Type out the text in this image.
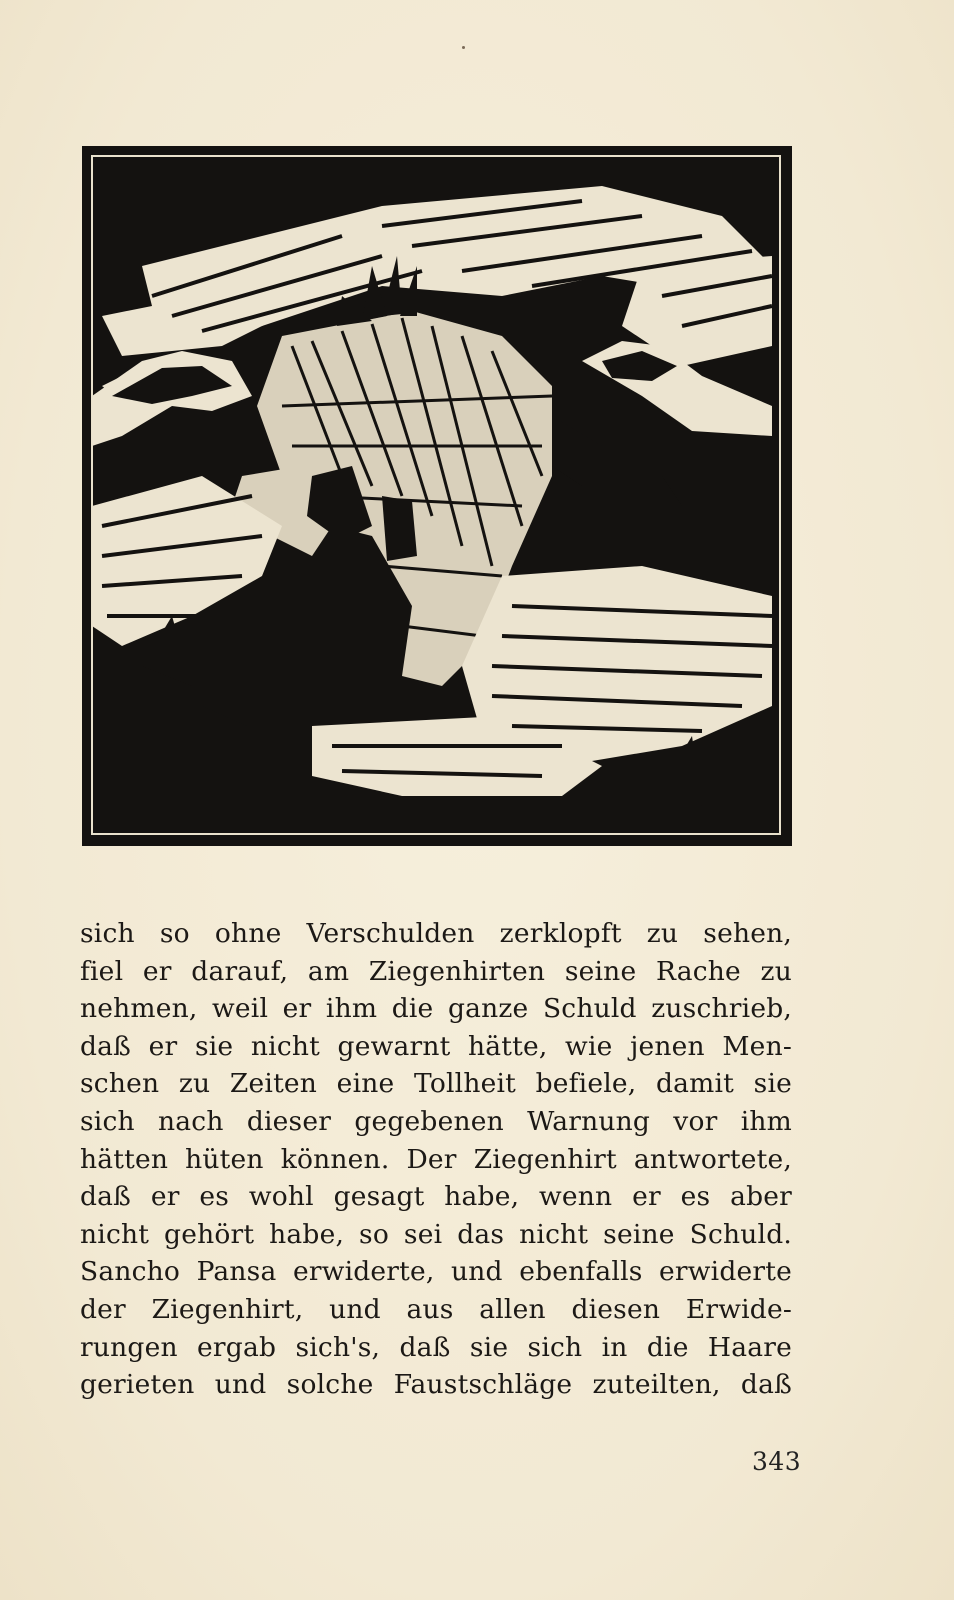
sich so ohne Verschulden zerklopft zu sehen,
fiel er darauf, am Ziegenhirten seine Rache zu
nehmen, weil er ihm die ganze Schuld zuschrieb,
daß er sie nicht gewarnt hätte, wie jenen Men-
schen zu Zeiten eine Tollheit befiele, damit sie
sich nach dieser gegebenen Warnung vor ihm
hätten hüten können. Der Ziegenhirt antwortete,
daß er es wohl gesagt habe, wenn er es aber
nicht gehört habe, so sei das nicht seine Schuld.
Sancho Pansa erwiderte, und ebenfalls erwiderte
der Ziegenhirt, und aus allen diesen Erwide-
rungen ergab sich's, daß sie sich in die Haare
gerieten und solche Faustschläge zuteilten, daß
343
